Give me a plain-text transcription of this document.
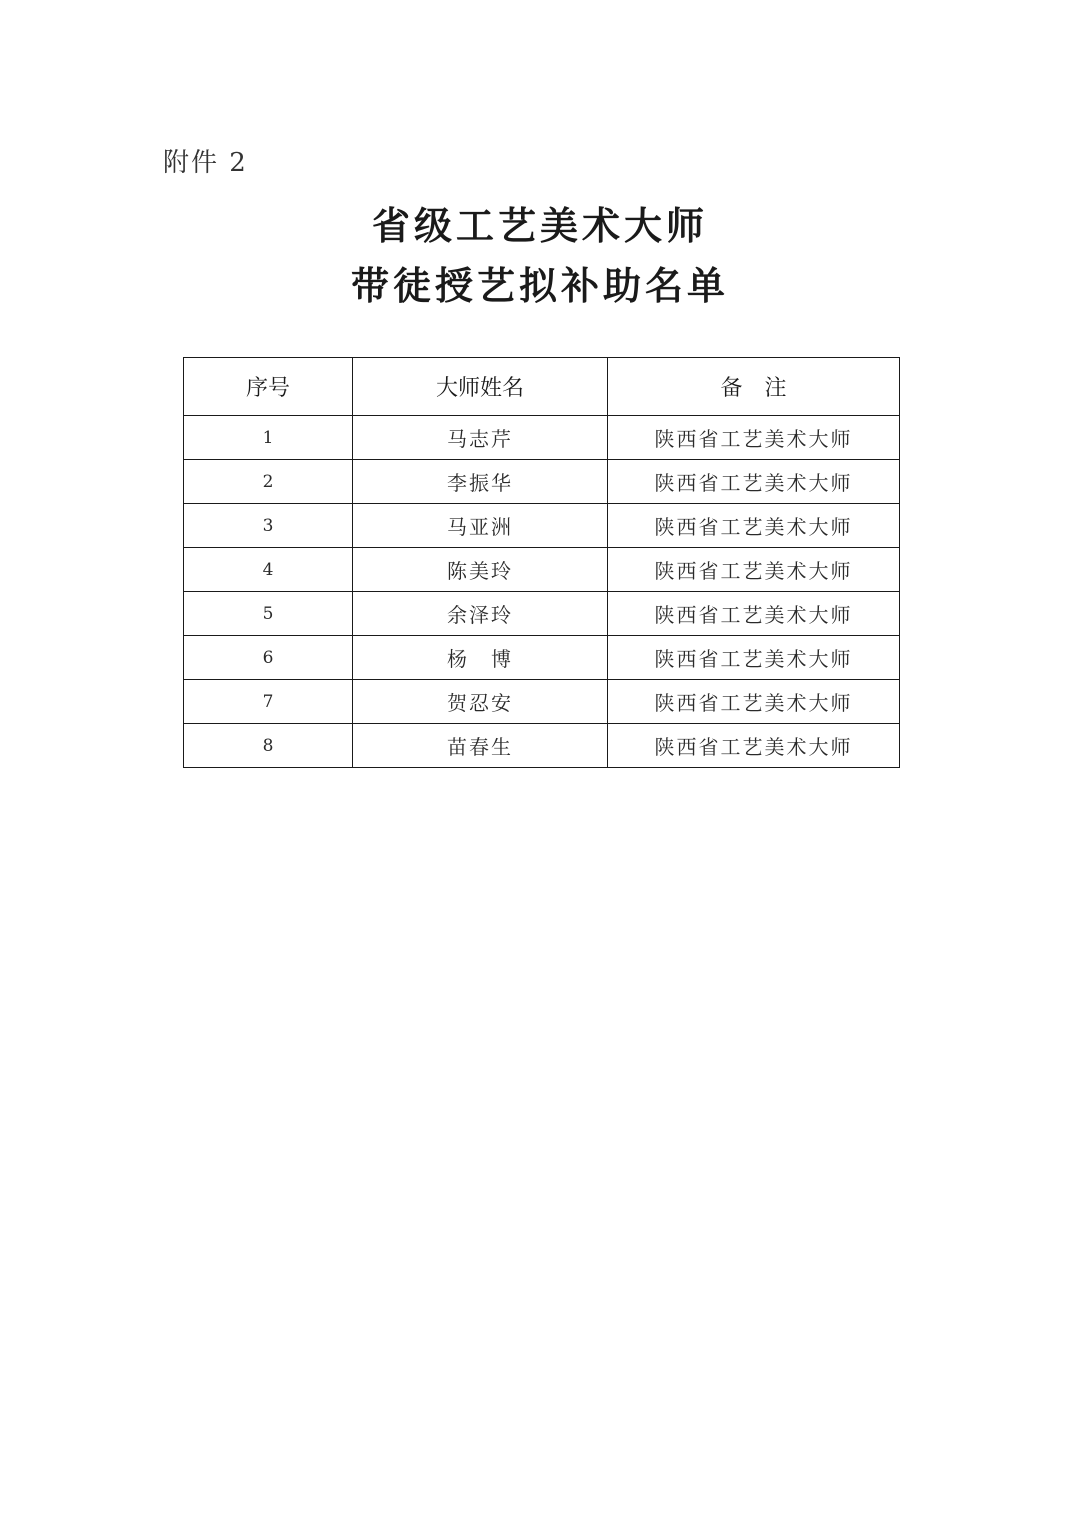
附件 2
省级工艺美术大师
带徒授艺拟补助名单
序号	大师姓名	备　注
1	马志芹	陕西省工艺美术大师
2	李振华	陕西省工艺美术大师
3	马亚洲	陕西省工艺美术大师
4	陈美玲	陕西省工艺美术大师
5	余泽玲	陕西省工艺美术大师
6	杨　博	陕西省工艺美术大师
7	贺忍安	陕西省工艺美术大师
8	苗春生	陕西省工艺美术大师
